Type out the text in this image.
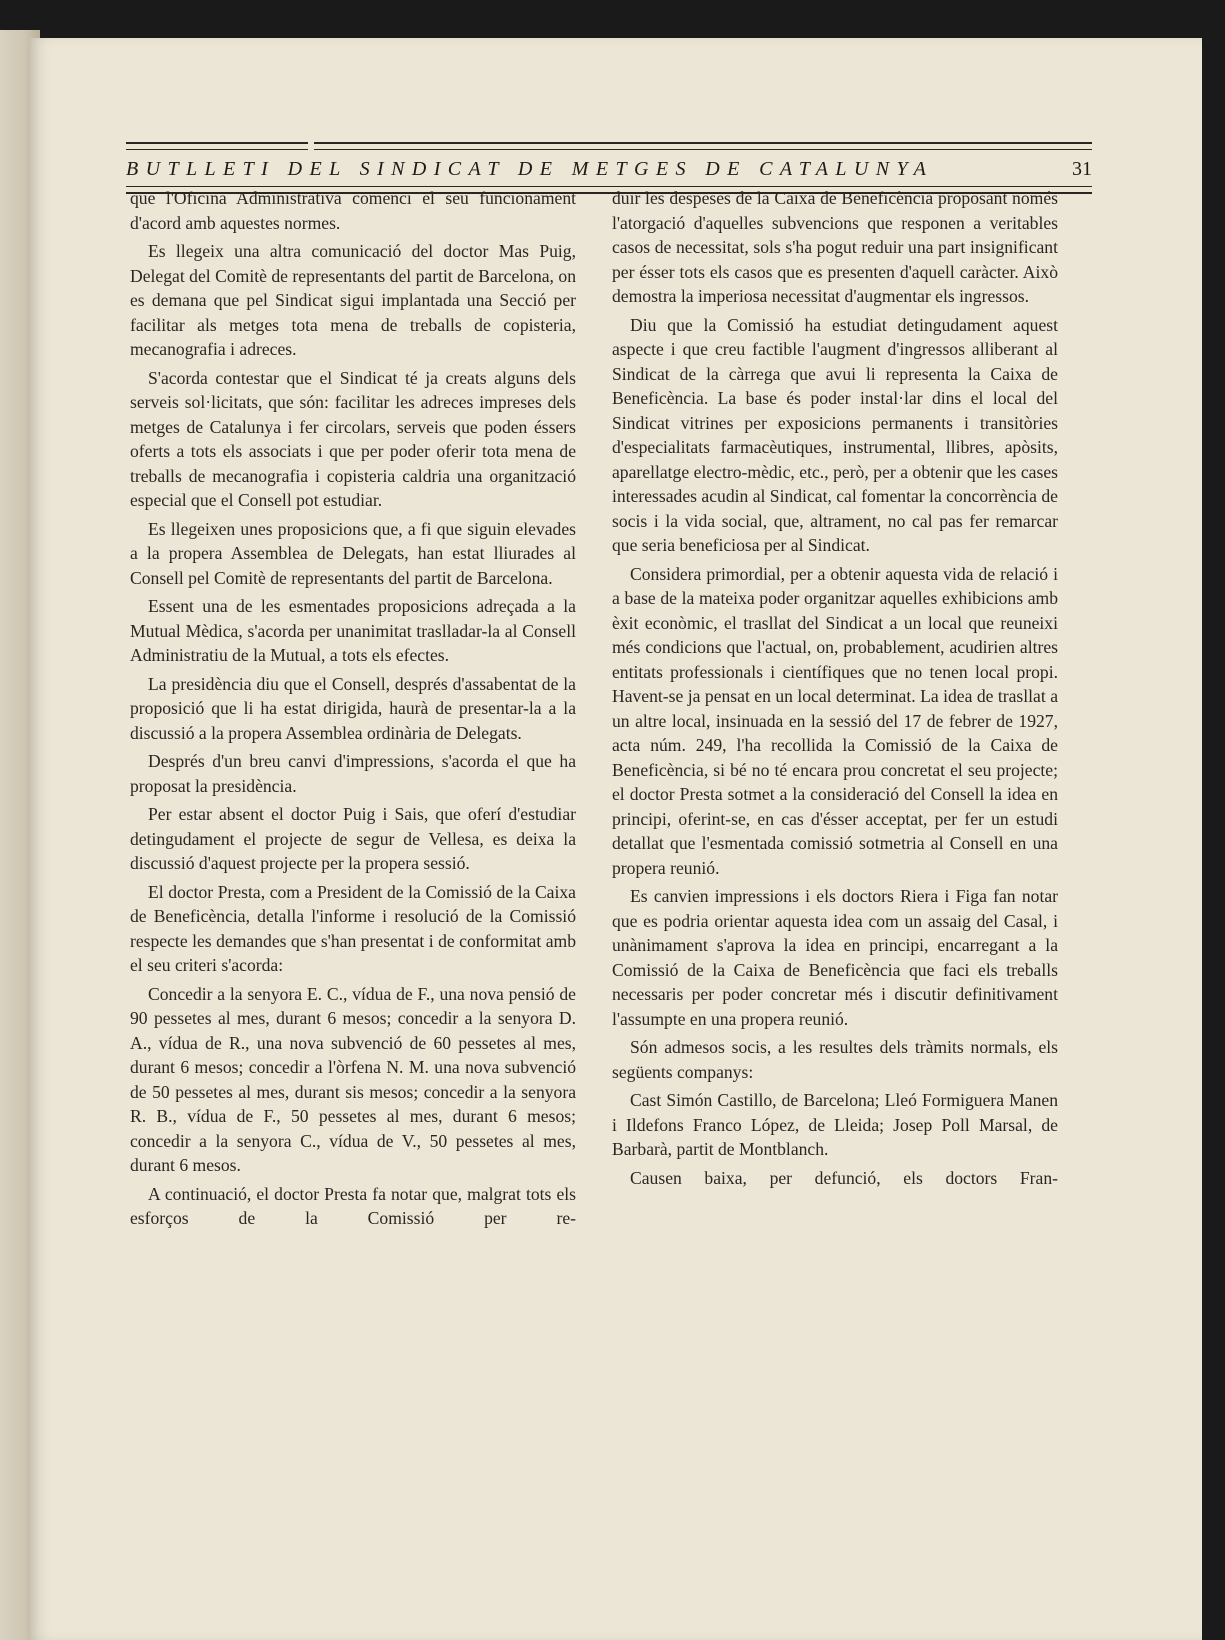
BUTLLETI DEL SINDICAT DE METGES DE CATALUNYA	31

que l'Oficina Administrativa comenci el seu funcionament d'acord amb aquestes normes.

Es llegeix una altra comunicació del doctor Mas Puig, Delegat del Comitè de representants del partit de Barcelona, on es demana que pel Sindicat sigui implantada una Secció per facilitar als metges tota mena de treballs de copisteria, mecanografia i adreces.

S'acorda contestar que el Sindicat té ja creats alguns dels serveis sol·licitats, que són: facilitar les adreces impreses dels metges de Catalunya i fer circolars, serveis que poden éssers oferts a tots els associats i que per poder oferir tota mena de treballs de mecanografia i copisteria caldria una organització especial que el Consell pot estudiar.

Es llegeixen unes proposicions que, a fi que siguin elevades a la propera Assemblea de Delegats, han estat lliurades al Consell pel Comitè de representants del partit de Barcelona.

Essent una de les esmentades proposicions adreçada a la Mutual Mèdica, s'acorda per unanimitat traslladar-la al Consell Administratiu de la Mutual, a tots els efectes.

La presidència diu que el Consell, després d'assabentat de la proposició que li ha estat dirigida, haurà de presentar-la a la discussió a la propera Assemblea ordinària de Delegats.

Després d'un breu canvi d'impressions, s'acorda el que ha proposat la presidència.

Per estar absent el doctor Puig i Sais, que oferí d'estudiar detingudament el projecte de segur de Vellesa, es deixa la discussió d'aquest projecte per la propera sessió.

El doctor Presta, com a President de la Comissió de la Caixa de Beneficència, detalla l'informe i resolució de la Comissió respecte les demandes que s'han presentat i de conformitat amb el seu criteri s'acorda:

Concedir a la senyora E. C., vídua de F., una nova pensió de 90 pessetes al mes, durant 6 mesos; concedir a la senyora D. A., vídua de R., una nova subvenció de 60 pessetes al mes, durant 6 mesos; concedir a l'òrfena N. M. una nova subvenció de 50 pessetes al mes, durant sis mesos; concedir a la senyora R. B., vídua de F., 50 pessetes al mes, durant 6 mesos; concedir a la senyora C., vídua de V., 50 pessetes al mes, durant 6 mesos.

A continuació, el doctor Presta fa notar que, malgrat tots els esforços de la Comissió per re-

duir les despeses de la Caixa de Beneficència proposant només l'atorgació d'aquelles subvencions que responen a veritables casos de necessitat, sols s'ha pogut reduir una part insignificant per ésser tots els casos que es presenten d'aquell caràcter. Això demostra la imperiosa necessitat d'augmentar els ingressos.

Diu que la Comissió ha estudiat detingudament aquest aspecte i que creu factible l'augment d'ingressos alliberant al Sindicat de la càrrega que avui li representa la Caixa de Beneficència. La base és poder instal·lar dins el local del Sindicat vitrines per exposicions permanents i transitòries d'especialitats farmacèutiques, instrumental, llibres, apòsits, aparellatge electro-mèdic, etc., però, per a obtenir que les cases interessades acudin al Sindicat, cal fomentar la concorrència de socis i la vida social, que, altrament, no cal pas fer remarcar que seria beneficiosa per al Sindicat.

Considera primordial, per a obtenir aquesta vida de relació i a base de la mateixa poder organitzar aquelles exhibicions amb èxit econòmic, el trasllat del Sindicat a un local que reuneixi més condicions que l'actual, on, probablement, acudirien altres entitats professionals i científiques que no tenen local propi. Havent-se ja pensat en un local determinat. La idea de trasllat a un altre local, insinuada en la sessió del 17 de febrer de 1927, acta núm. 249, l'ha recollida la Comissió de la Caixa de Beneficència, si bé no té encara prou concretat el seu projecte; el doctor Presta sotmet a la consideració del Consell la idea en principi, oferint-se, en cas d'ésser acceptat, per fer un estudi detallat que l'esmentada comissió sotmetria al Consell en una propera reunió.

Es canvien impressions i els doctors Riera i Figa fan notar que es podria orientar aquesta idea com un assaig del Casal, i unànimament s'aprova la idea en principi, encarregant a la Comissió de la Caixa de Beneficència que faci els treballs necessaris per poder concretar més i discutir definitivament l'assumpte en una propera reunió.

Són admesos socis, a les resultes dels tràmits normals, els següents companys:

Cast Simón Castillo, de Barcelona; Lleó Formiguera Manen i Ildefons Franco López, de Lleida; Josep Poll Marsal, de Barbarà, partit de Montblanch.

Causen baixa, per defunció, els doctors Fran-
